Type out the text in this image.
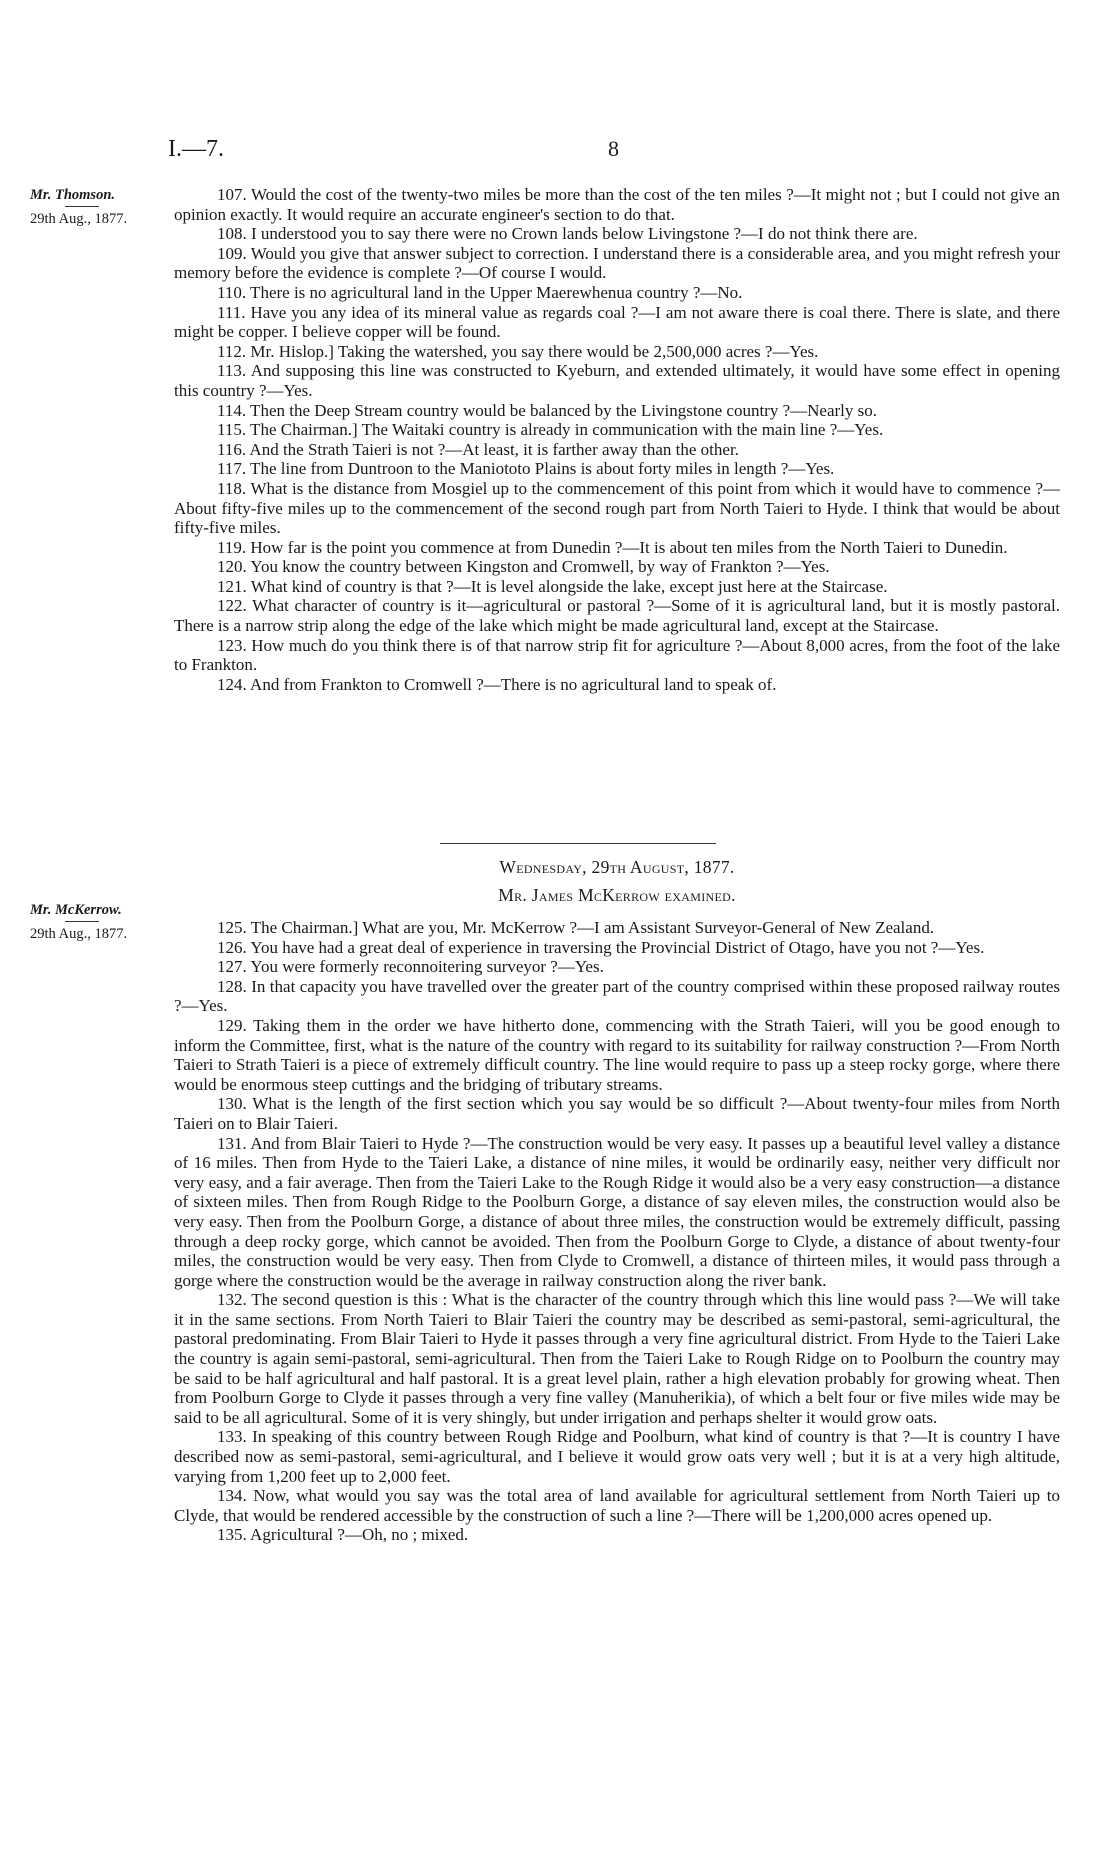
I.—7.	8
Mr. Thomson.
29th Aug., 1877.

107. Would the cost of the twenty-two miles be more than the cost of the ten miles ?—It might not ; but I could not give an opinion exactly. It would require an accurate engineer's section to do that.

108. I understood you to say there were no Crown lands below Livingstone ?—I do not think there are.

109. Would you give that answer subject to correction. I understand there is a considerable area, and you might refresh your memory before the evidence is complete ?—Of course I would.

110. There is no agricultural land in the Upper Maerewhenua country ?—No.

111. Have you any idea of its mineral value as regards coal ?—I am not aware there is coal there. There is slate, and there might be copper. I believe copper will be found.

112. Mr. Hislop.] Taking the watershed, you say there would be 2,500,000 acres ?—Yes.

113. And supposing this line was constructed to Kyeburn, and extended ultimately, it would have some effect in opening this country ?—Yes.

114. Then the Deep Stream country would be balanced by the Livingstone country ?—Nearly so.

115. The Chairman.] The Waitaki country is already in communication with the main line ?—Yes.

116. And the Strath Taieri is not ?—At least, it is farther away than the other.

117. The line from Duntroon to the Maniototo Plains is about forty miles in length ?—Yes.

118. What is the distance from Mosgiel up to the commencement of this point from which it would have to commence ?—About fifty-five miles up to the commencement of the second rough part from North Taieri to Hyde. I think that would be about fifty-five miles.

119. How far is the point you commence at from Dunedin ?—It is about ten miles from the North Taieri to Dunedin.

120. You know the country between Kingston and Cromwell, by way of Frankton ?—Yes.

121. What kind of country is that ?—It is level alongside the lake, except just here at the Staircase.

122. What character of country is it—agricultural or pastoral ?—Some of it is agricultural land, but it is mostly pastoral. There is a narrow strip along the edge of the lake which might be made agricultural land, except at the Staircase.

123. How much do you think there is of that narrow strip fit for agriculture ?—About 8,000 acres, from the foot of the lake to Frankton.

124. And from Frankton to Cromwell ?—There is no agricultural land to speak of.

Wednesday, 29th August, 1877.
Mr. James McKerrow examined.
Mr. McKerrow.
29th Aug., 1877.	125. The Chairman.] What are you, Mr. McKerrow ?—I am Assistant Surveyor-General of New Zealand.

126. You have had a great deal of experience in traversing the Provincial District of Otago, have you not ?—Yes.

127. You were formerly reconnoitering surveyor ?—Yes.

128. In that capacity you have travelled over the greater part of the country comprised within these proposed railway routes ?—Yes.

129. Taking them in the order we have hitherto done, commencing with the Strath Taieri, will you be good enough to inform the Committee, first, what is the nature of the country with regard to its suitability for railway construction ?—From North Taieri to Strath Taieri is a piece of extremely difficult country. The line would require to pass up a steep rocky gorge, where there would be enormous steep cuttings and the bridging of tributary streams.

130. What is the length of the first section which you say would be so difficult ?—About twenty-four miles from North Taieri on to Blair Taieri.

131. And from Blair Taieri to Hyde ?—The construction would be very easy. It passes up a beautiful level valley a distance of 16 miles. Then from Hyde to the Taieri Lake, a distance of nine miles, it would be ordinarily easy, neither very difficult nor very easy, and a fair average. Then from the Taieri Lake to the Rough Ridge it would also be a very easy construction—a distance of sixteen miles. Then from Rough Ridge to the Poolburn Gorge, a distance of say eleven miles, the construction would also be very easy. Then from the Poolburn Gorge, a distance of about three miles, the construction would be extremely difficult, passing through a deep rocky gorge, which cannot be avoided. Then from the Poolburn Gorge to Clyde, a distance of about twenty-four miles, the construction would be very easy. Then from Clyde to Cromwell, a distance of thirteen miles, it would pass through a gorge where the construction would be the average in railway construction along the river bank.

132. The second question is this : What is the character of the country through which this line would pass ?—We will take it in the same sections. From North Taieri to Blair Taieri the country may be described as semi-pastoral, semi-agricultural, the pastoral predominating. From Blair Taieri to Hyde it passes through a very fine agricultural district. From Hyde to the Taieri Lake the country is again semi-pastoral, semi-agricultural. Then from the Taieri Lake to Rough Ridge on to Poolburn the country may be said to be half agricultural and half pastoral. It is a great level plain, rather a high elevation probably for growing wheat. Then from Poolburn Gorge to Clyde it passes through a very fine valley (Manuherikia), of which a belt four or five miles wide may be said to be all agricultural. Some of it is very shingly, but under irrigation and perhaps shelter it would grow oats.

133. In speaking of this country between Rough Ridge and Poolburn, what kind of country is that ?—It is country I have described now as semi-pastoral, semi-agricultural, and I believe it would grow oats very well ; but it is at a very high altitude, varying from 1,200 feet up to 2,000 feet.

134. Now, what would you say was the total area of land available for agricultural settlement from North Taieri up to Clyde, that would be rendered accessible by the construction of such a line ?—There will be 1,200,000 acres opened up.

135. Agricultural ?—Oh, no ; mixed.
